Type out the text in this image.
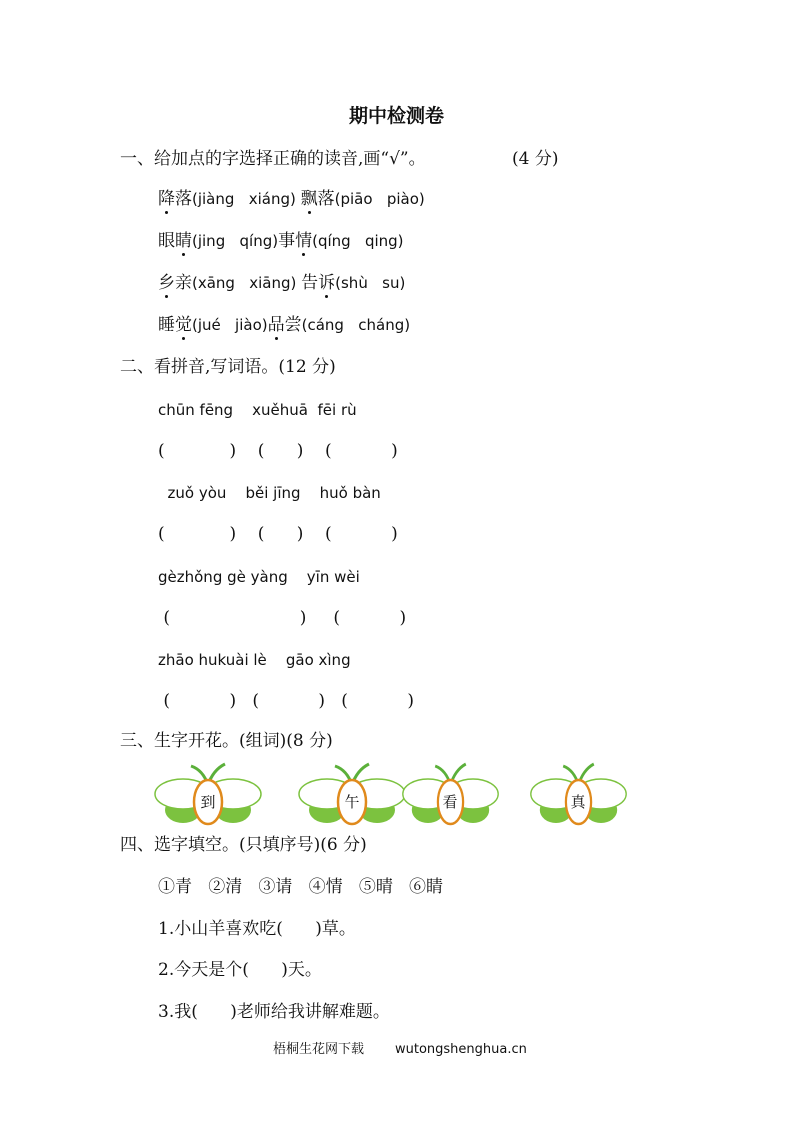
期中检测卷
一、给加点的字选择正确的读音,画“√”。	(4 分)
降落(jiàng   xiáng) 飘落(piāo   piào)
眼睛(jing   qíng)事情(qíng   qing)
乡亲(xāng   xiāng) 告诉(shù   su)
睡觉(jué   jiào)品尝(cáng   cháng)
二、看拼音,写词语。(12 分)
chūn fēng    xuěhuā  fēi rù
(            )    (      )    (           )
zuǒ yòu    běi jīng    huǒ bàn
(            )    (      )    (           )
gèzhǒng gè yàng    yīn wèi
(                        )     (           )
zhāo hukuài lè    gāo xìng
(           )   (           )   (           )
三、生字开花。(组词)(8 分)
到	午	看	真
四、选字填空。(只填序号)(6 分)
①青   ②清   ③请   ④情   ⑤晴   ⑥睛
1.小山羊喜欢吃(      )草。
2.今天是个(      )天。
3.我(      )老师给我讲解难题。
梧桐生花网下载 wutongshenghua.cn
